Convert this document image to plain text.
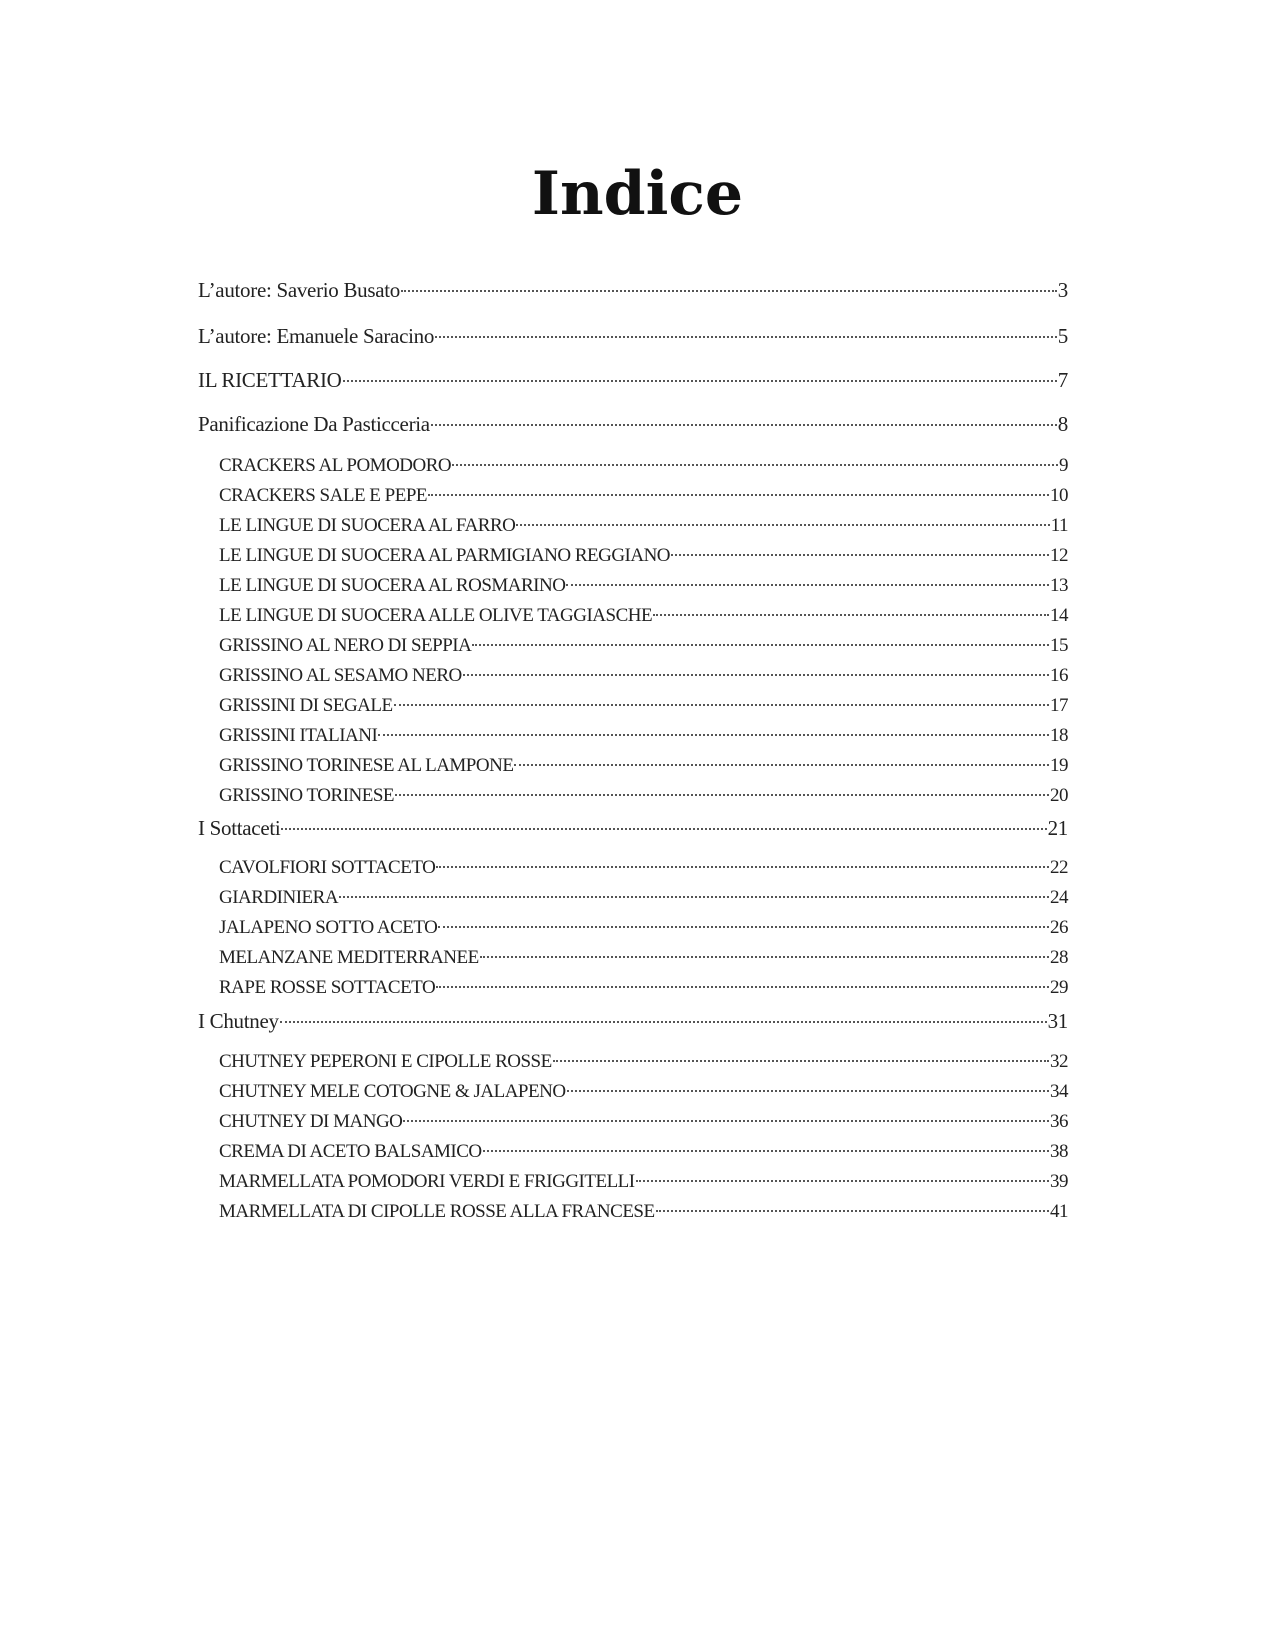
Indice
L’autore: Saverio Busato	3
L’autore: Emanuele Saracino	5
IL RICETTARIO	7
Panificazione Da Pasticceria	8
CRACKERS AL POMODORO	9
CRACKERS SALE E PEPE	10
LE LINGUE DI SUOCERA AL FARRO	11
LE LINGUE DI SUOCERA AL PARMIGIANO REGGIANO	12
LE LINGUE DI SUOCERA AL ROSMARINO	13
LE LINGUE DI SUOCERA ALLE OLIVE TAGGIASCHE	14
GRISSINO AL NERO DI SEPPIA	15
GRISSINO AL SESAMO NERO	16
GRISSINI DI SEGALE	17
GRISSINI ITALIANI	18
GRISSINO TORINESE AL LAMPONE	19
GRISSINO TORINESE	20
I Sottaceti	21
CAVOLFIORI SOTTACETO	22
GIARDINIERA	24
JALAPENO SOTTO ACETO	26
MELANZANE MEDITERRANEE	28
RAPE ROSSE SOTTACETO	29
I Chutney	31
CHUTNEY PEPERONI E CIPOLLE ROSSE	32
CHUTNEY MELE COTOGNE & JALAPENO	34
CHUTNEY DI MANGO	36
CREMA DI ACETO BALSAMICO	38
MARMELLATA POMODORI VERDI E FRIGGITELLI	39
MARMELLATA DI CIPOLLE ROSSE ALLA FRANCESE	41
